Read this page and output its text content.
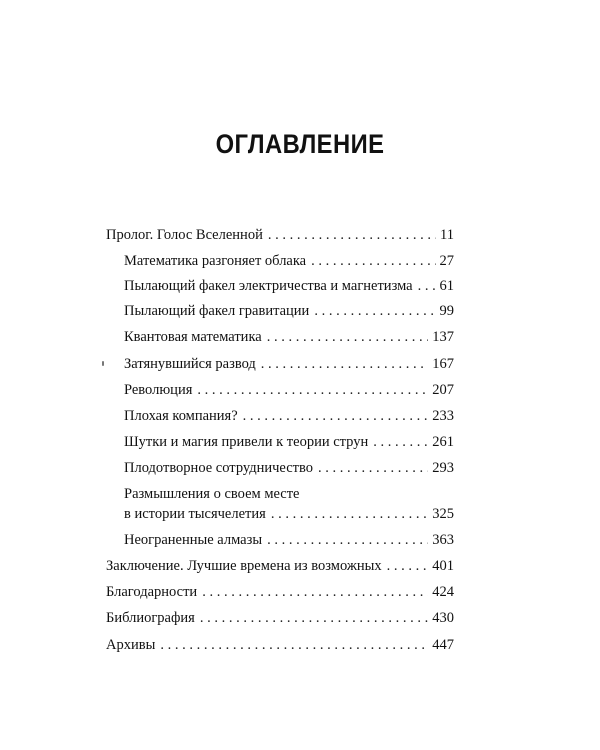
ОГЛАВЛЕНИЕ
Пролог. Голос Вселенной . . .	11
Математика разгоняет облака . . .	27
Пылающий факел электричества и магнетизма . . . 61
Пылающий факел гравитации . . .	99
Квантовая математика . . .	137
Затянувшийся развод . . .	167
Революция . . .	207
Плохая компания? . . .	233
Шутки и магия привели к теории струн . . .	261
Плодотворное сотрудничество . . .	293
Размышления о своем месте
в истории тысячелетия . . .	325
Неограненные алмазы . . .	363
Заключение. Лучшие времена из возможных . . .	401
Благодарности . . .	424
Библиография . . .	430
Архивы . . .	447
